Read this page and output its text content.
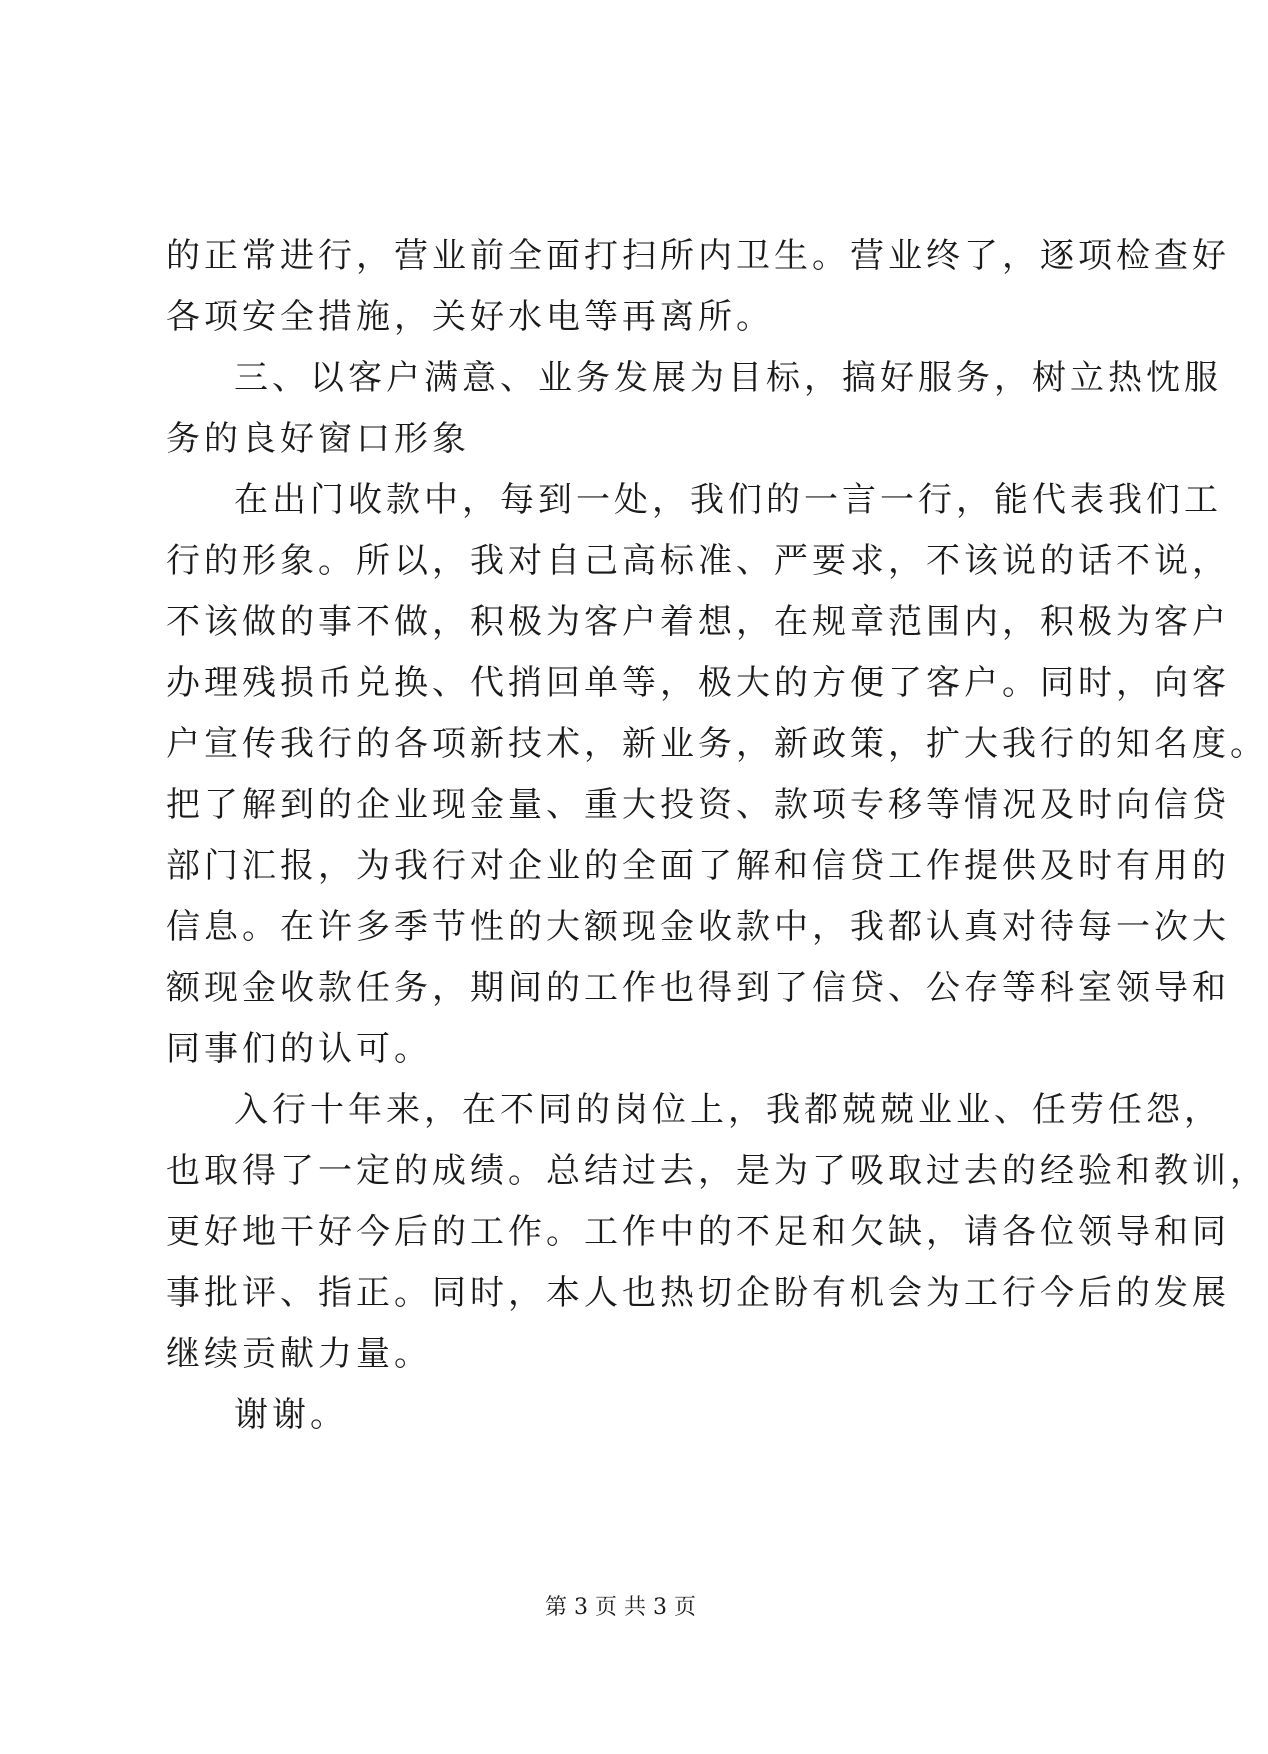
的正常进行，营业前全面打扫所内卫生。营业终了，逐项检查好
各项安全措施，关好水电等再离所。
三、以客户满意、业务发展为目标，搞好服务，树立热忱服
务的良好窗口形象
在出门收款中，每到一处，我们的一言一行，能代表我们工
行的形象。所以，我对自己高标准、严要求，不该说的话不说，
不该做的事不做，积极为客户着想，在规章范围内，积极为客户
办理残损币兑换、代捎回单等，极大的方便了客户。同时，向客
户宣传我行的各项新技术，新业务，新政策，扩大我行的知名度。
把了解到的企业现金量、重大投资、款项专移等情况及时向信贷
部门汇报，为我行对企业的全面了解和信贷工作提供及时有用的
信息。在许多季节性的大额现金收款中，我都认真对待每一次大
额现金收款任务，期间的工作也得到了信贷、公存等科室领导和
同事们的认可。
入行十年来，在不同的岗位上，我都兢兢业业、任劳任怨，
也取得了一定的成绩。总结过去，是为了吸取过去的经验和教训，
更好地干好今后的工作。工作中的不足和欠缺，请各位领导和同
事批评、指正。同时，本人也热切企盼有机会为工行今后的发展
继续贡献力量。
谢谢。
第 3 页 共 3 页
